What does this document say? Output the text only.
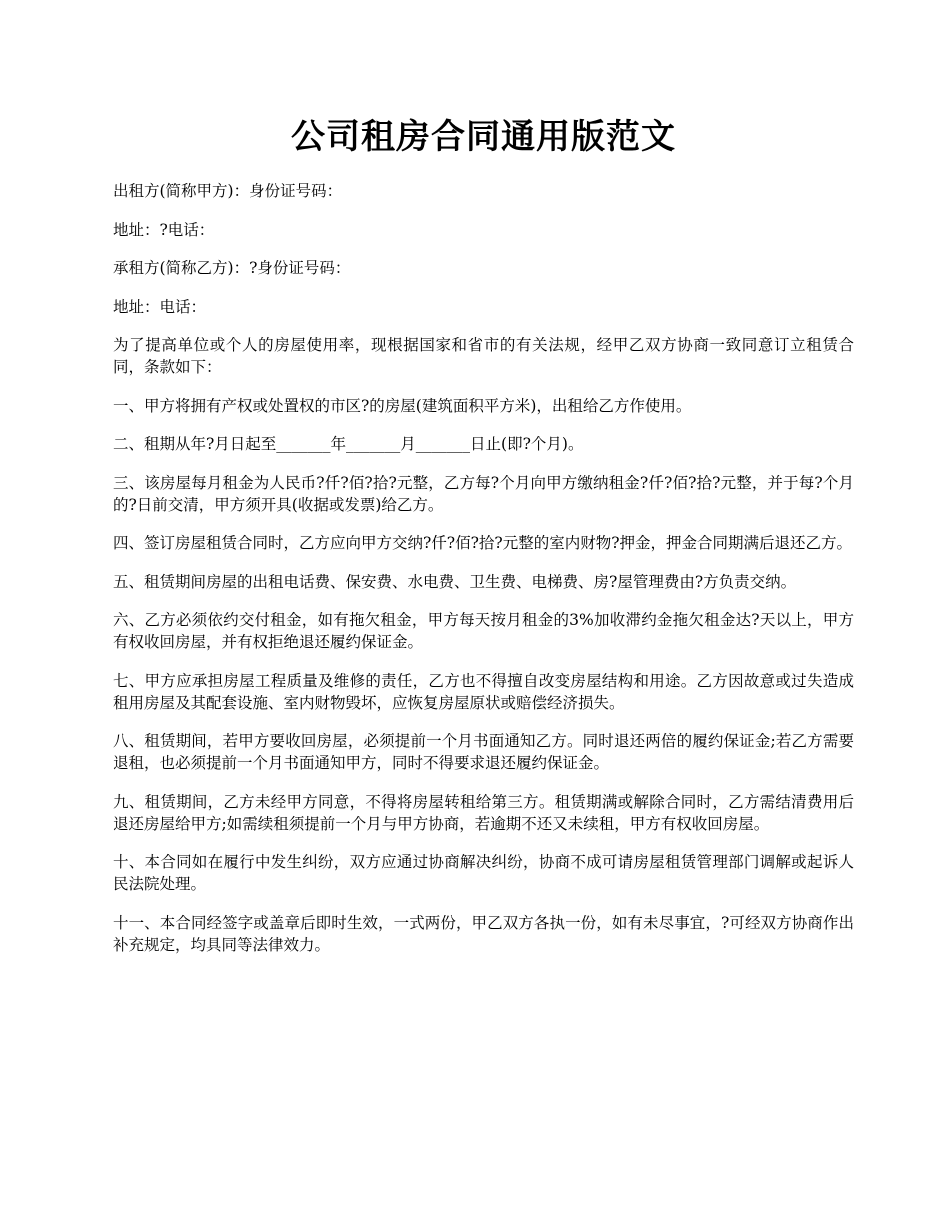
公司租房合同通用版范文

出租方(简称甲方)：身份证号码：

地址：?电话：

承租方(简称乙方)：?身份证号码：

地址：电话：

为了提高单位或个人的房屋使用率，现根据国家和省市的有关法规，经甲乙双方协商一致同意订立租赁合同，条款如下：

一、甲方将拥有产权或处置权的市区?的房屋(建筑面积平方米)，出租给乙方作使用。

二、租期从年?月日起至_______年_______月_______日止(即?个月)。

三、该房屋每月租金为人民币?仟?佰?拾?元整，乙方每?个月向甲方缴纳租金?仟?佰?拾?元整，并于每?个月的?日前交清，甲方须开具(收据或发票)给乙方。

四、签订房屋租赁合同时，乙方应向甲方交纳?仟?佰?拾?元整的室内财物?押金，押金合同期满后退还乙方。

五、租赁期间房屋的出租电话费、保安费、水电费、卫生费、电梯费、房?屋管理费由?方负责交纳。

六、乙方必须依约交付租金，如有拖欠租金，甲方每天按月租金的3%加收滞约金拖欠租金达?天以上，甲方有权收回房屋，并有权拒绝退还履约保证金。

七、甲方应承担房屋工程质量及维修的责任，乙方也不得擅自改变房屋结构和用途。乙方因故意或过失造成租用房屋及其配套设施、室内财物毁坏，应恢复房屋原状或赔偿经济损失。

八、租赁期间，若甲方要收回房屋，必须提前一个月书面通知乙方。同时退还两倍的履约保证金;若乙方需要退租，也必须提前一个月书面通知甲方，同时不得要求退还履约保证金。

九、租赁期间，乙方未经甲方同意，不得将房屋转租给第三方。租赁期满或解除合同时，乙方需结清费用后退还房屋给甲方;如需续租须提前一个月与甲方协商，若逾期不还又未续租，甲方有权收回房屋。

十、本合同如在履行中发生纠纷，双方应通过协商解决纠纷，协商不成可请房屋租赁管理部门调解或起诉人民法院处理。

十一、本合同经签字或盖章后即时生效，一式两份，甲乙双方各执一份，如有未尽事宜，?可经双方协商作出补充规定，均具同等法律效力。
